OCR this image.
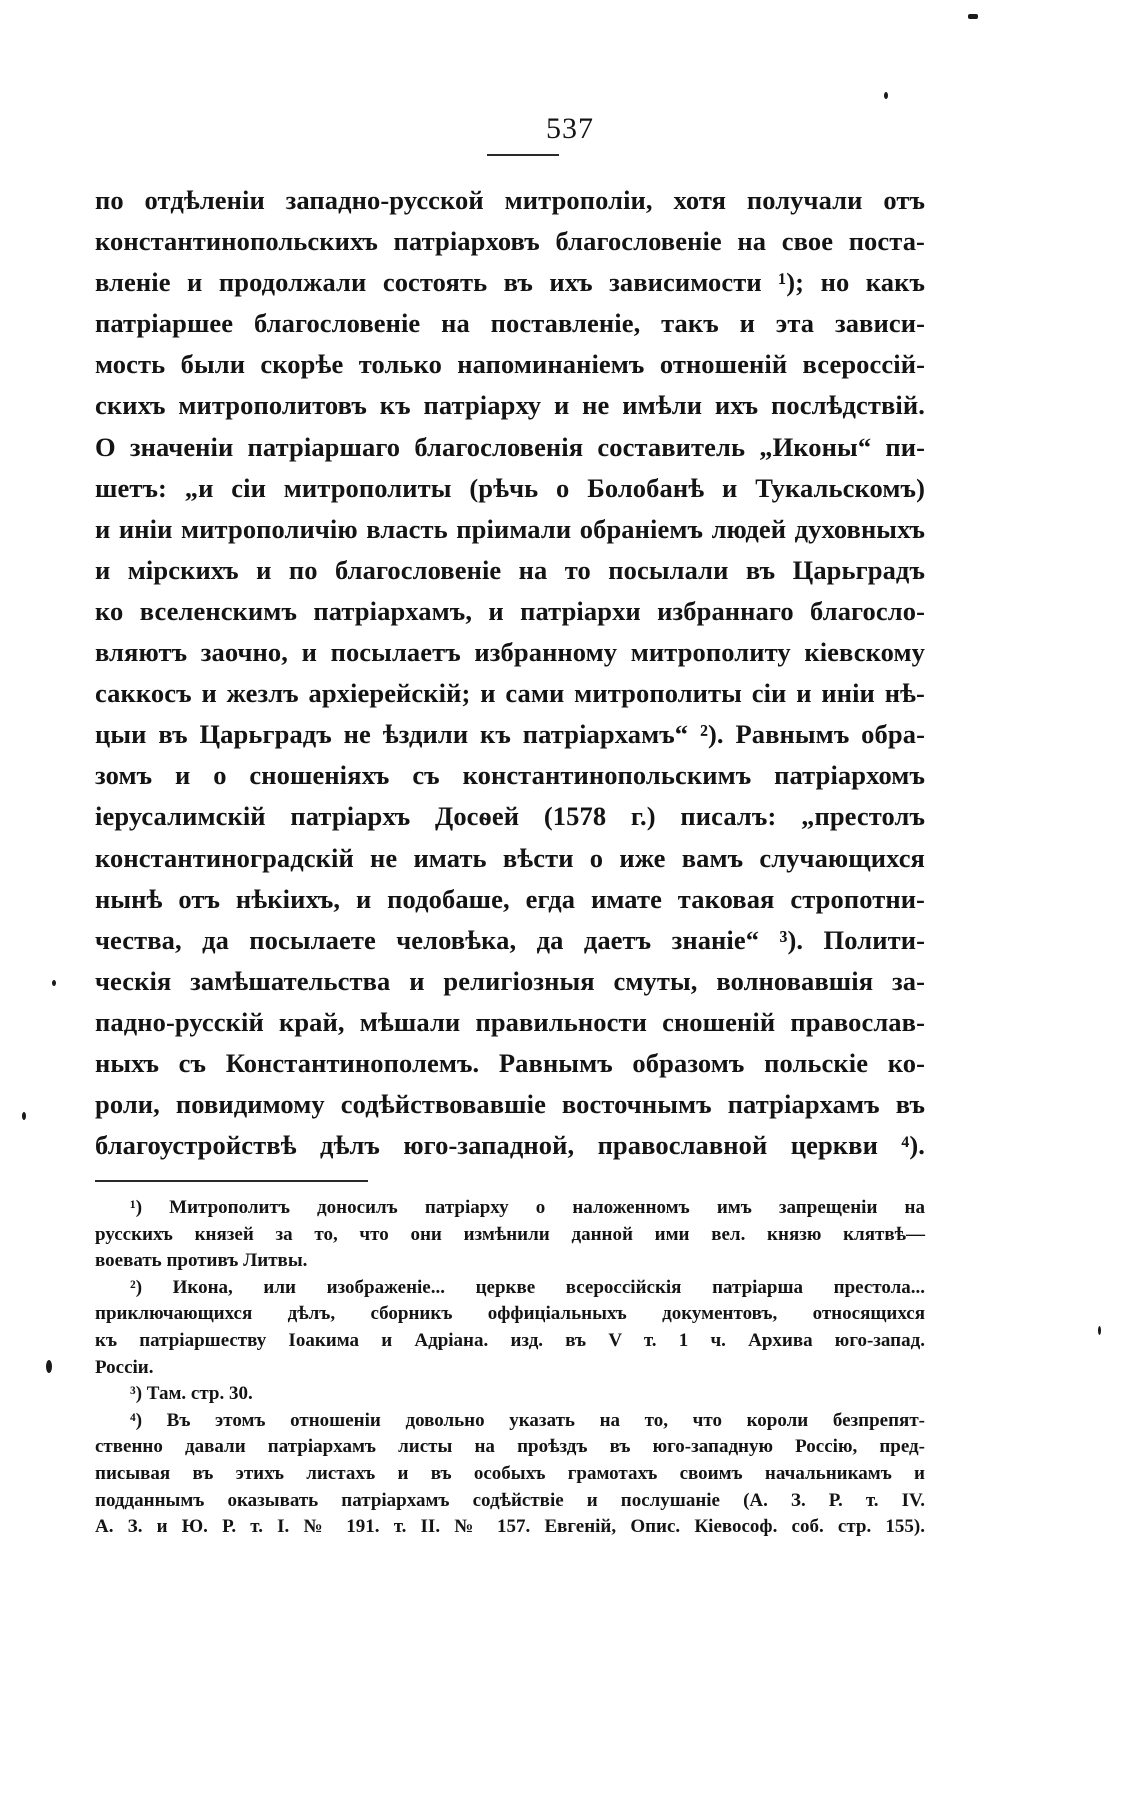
537
по отдѣленіи западно-русской митрополіи, хотя получали отъ
константинопольскихъ патріарховъ благословеніе на свое поста-
вленіе и продолжали состоять въ ихъ зависимости ¹); но какъ
патріаршее благословеніе на поставленіе, такъ и эта зависи-
мость были скорѣе только напоминаніемъ отношеній всероссій-
скихъ митрополитовъ къ патріарху и не имѣли ихъ послѣдствій.
О значеніи патріаршаго благословенія составитель „Иконы“ пи-
шетъ: „и сіи митрополиты (рѣчь о Болобанѣ и Тукальскомъ)
и иніи митрополичію власть пріимали обраніемъ людей духовныхъ
и мірскихъ и по благословеніе на то посылали въ Царьградъ
ко вселенскимъ патріархамъ, и патріархи избраннаго благосло-
вляютъ заочно, и посылаетъ избранному митрополиту кіевскому
саккосъ и жезлъ архіерейскій; и сами митрополиты сіи и иніи нѣ-
цыи въ Царьградъ не ѣздили къ патріархамъ“ ²). Равнымъ обра-
зомъ и о сношеніяхъ съ константинопольскимъ патріархомъ
іерусалимскій патріархъ Досѳей (1578 г.) писалъ: „престолъ
константиноградскій не имать вѣсти о иже вамъ случающихся
нынѣ отъ нѣкіихъ, и подобаше, егда имате таковая стропотни-
чества, да посылаете человѣка, да даетъ знаніе“ ³). Полити-
ческія замѣшательства и религіозныя смуты, волновавшія за-
падно-русскій край, мѣшали правильности сношеній православ-
ныхъ съ Константинополемъ. Равнымъ образомъ польскіе ко-
роли, повидимому содѣйствовавшіе восточнымъ патріархамъ въ
благоустройствѣ дѣлъ юго-западной, православной церкви ⁴).
¹) Митрополитъ доносилъ патріарху о наложенномъ имъ запрещеніи на
русскихъ князей за то, что они измѣнили данной ими вел. князю клятвѣ—
воевать противъ Литвы.
²) Икона, или изображеніе... церкве всероссійскія патріарша престола...
приключающихся дѣлъ, сборникъ оффиціальныхъ документовъ, относящихся
къ патріаршеству Іоакима и Адріана. изд. въ V т. 1 ч. Архива юго-запад.
Россіи.
³) Там. стр. 30.
⁴) Въ этомъ отношеніи довольно указать на то, что короли безпрепят-
ственно давали патріархамъ листы на проѣздъ въ юго-западную Россію, пред-
писывая въ этихъ листахъ и въ особыхъ грамотахъ своимъ начальникамъ и
подданнымъ оказывать патріархамъ содѣйствіе и послушаніе (А. З. Р. т. IV.
А. З. и Ю. Р. т. I. № 191. т. II. № 157. Евгеній, Опис. Кіевософ. соб. стр. 155).
